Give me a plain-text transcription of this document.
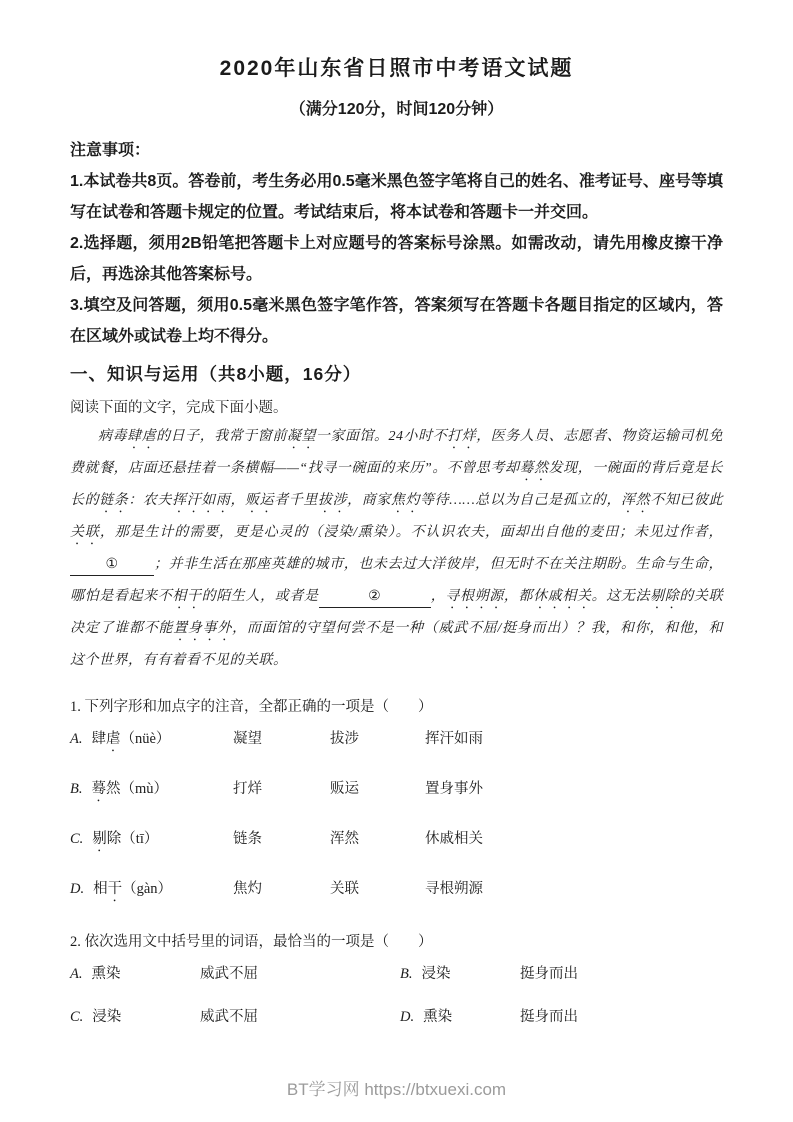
2020年山东省日照市中考语文试题
（满分120分，时间120分钟）

注意事项：

1.本试卷共8页。答卷前，考生务必用0.5毫米黑色签字笔将自己的姓名、准考证号、座号等填写在试卷和答题卡规定的位置。考试结束后，将本试卷和答题卡一并交回。

2.选择题，须用2B铅笔把答题卡上对应题号的答案标号涂黑。如需改动，请先用橡皮擦干净后，再选涂其他答案标号。

3.填空及问答题，须用0.5毫米黑色签字笔作答，答案须写在答题卡各题目指定的区域内，答在区域外或试卷上均不得分。

一、知识与运用（共8小题，16分）

阅读下面的文字，完成下面小题。

病毒肆虐的日子，我常于窗前凝望一家面馆。24小时不打烊，医务人员、志愿者、物资运输司机免费就餐，店面还悬挂着一条横幅——“找寻一碗面的来历”。不曾思考却蓦然发现，一碗面的背后竟是长长的链条：农夫挥汗如雨，贩运者千里拔涉，商家焦灼等待……总以为自己是孤立的，浑然不知已彼此关联，那是生计的需要，更是心灵的（浸染/熏染）。不认识农夫，面却出自他的麦田；未见过作者，①	；并非生活在那座英雄的城市，也未去过大洋彼岸，但无时不在关注期盼。生命与生命，哪怕是看起来不相干的陌生人，或者是	②	，寻根朔源，都休戚相关。这无法剔除的关联决定了谁都不能置身事外，而面馆的守望何尝不是一种（威武不屈/挺身而出）？我，和你，和他，和这个世界，有有着看不见的关联。

1. 下列字形和加点字的注音，全都正确的一项是（　　）

A. 肆虐（nüè）	凝望	拔涉	挥汗如雨
B. 蓦然（mù）	打烊	贩运	置身事外
C. 剔除（tī）	链条	浑然	休戚相关
D. 相干（gàn）	焦灼	关联	寻根朔源

2. 依次选用文中括号里的词语，最恰当的一项是（　　）

A. 熏染	威武不屈	B. 浸染	挺身而出
C. 浸染	威武不屈	D. 熏染	挺身而出
BT学习网 https://btxuexi.com
